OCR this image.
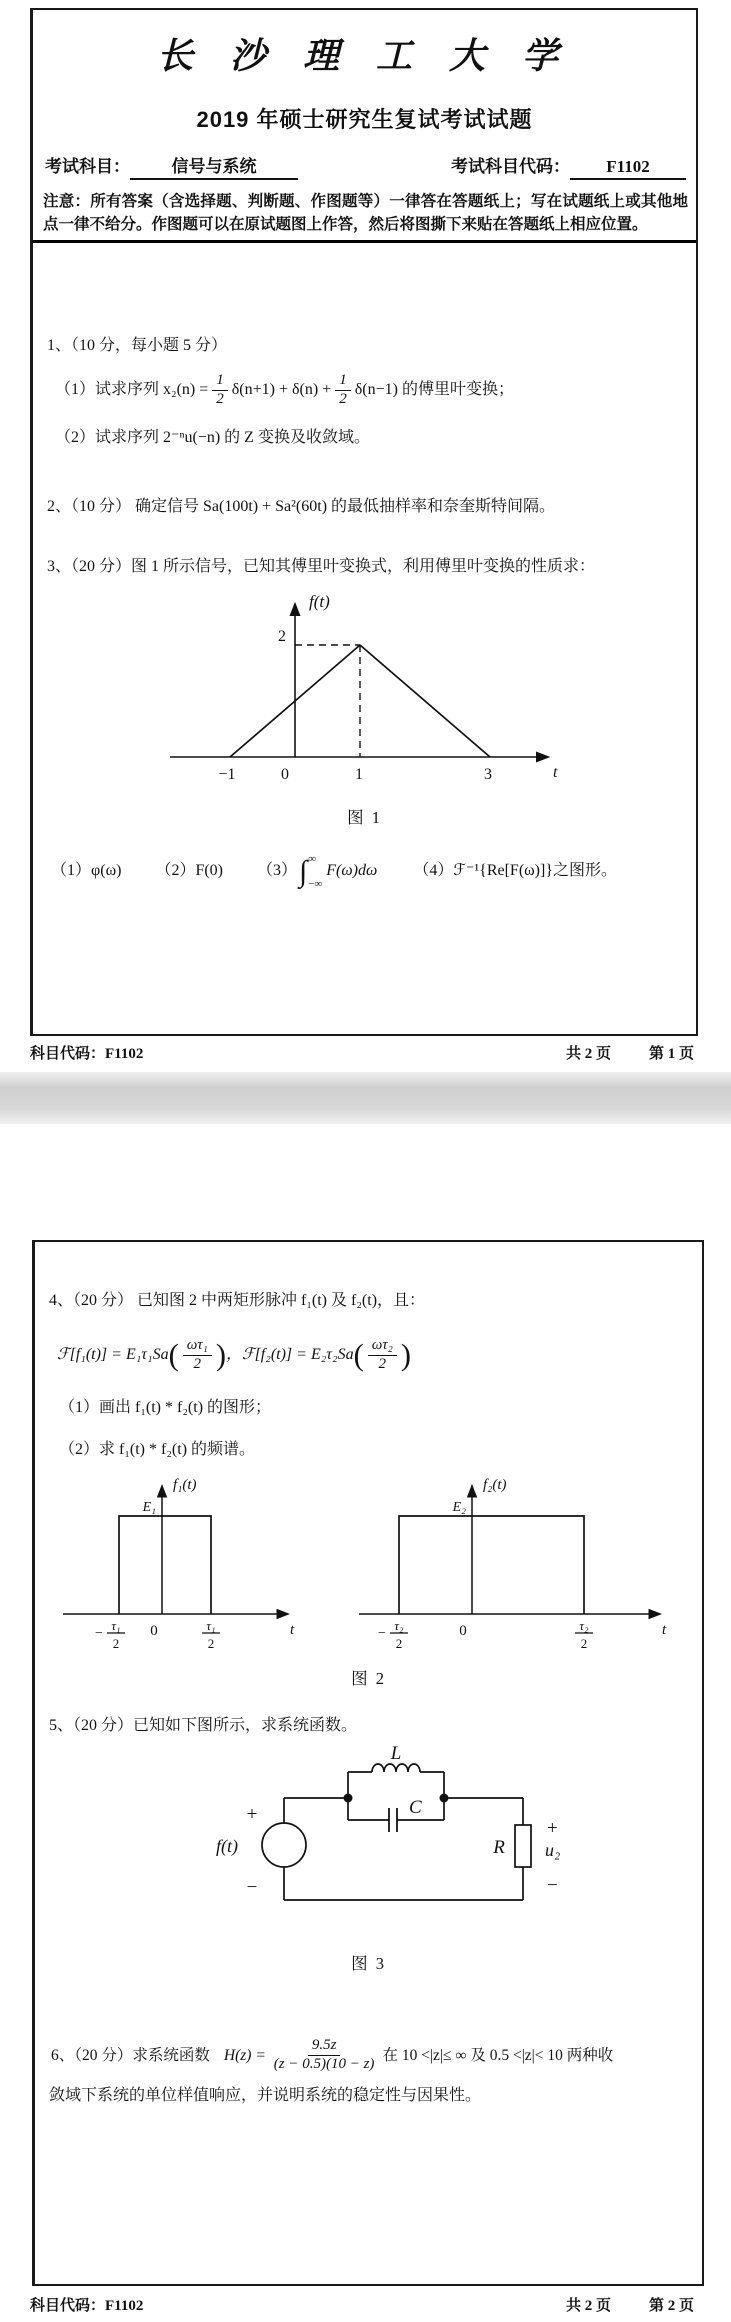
长 沙 理 工 大 学
2019 年硕士研究生复试考试试题
考试科目： 信号与系统	考试科目代码： F1102
注意：所有答案（含选择题、判断题、作图题等）一律答在答题纸上；写在试题纸上或其他地点一律不给分。作图题可以在原试题图上作答，然后将图撕下来贴在答题纸上相应位置。
1、（10 分，每小题 5 分）
（1）试求序列 $x_2(n) = \frac{1}{2} \delta(n+1) + \delta(n) + \frac{1}{2} \delta(n-1)$ 的傅里叶变换；
（2）试求序列 2⁻ⁿu(−n) 的 Z 变换及收敛域。
2、（10 分） 确定信号 Sa(100t) + Sa²(60t) 的最低抽样率和奈奎斯特间隔。
3、（20 分）图 1 所示信号，已知其傅里叶变换式，利用傅里叶变换的性质求：
f(t)
2
−1	0	1	3	t
图 1
（1）φ(ω) （2）F(0) （3） ∫ ∞
−∞
F(ω)dω （4）ℱ⁻¹{Re[F(ω)]}之图形。
科目代码：F1102	共 2 页	第 1 页
4、（20 分） 已知图 2 中两矩形脉冲 f₁(t) 及 f₂(t)，且：
ℱ[f₁(t)] = E₁τ₁Sa ( $\frac{\text{ωτ₁}}{2}$ ) ，ℱ[f₂(t)] = E₂τ₂Sa ( $\frac{\text{ωτ₂}}{2}$ )
（1）画出 f₁(t) * f₂(t) 的图形；
（2）求 f₁(t) * f₂(t) 的频谱。
f₁(t)
E₁
−
τ₁
2
0	τ₁
2
t
f₂(t)
E₂
−
τ₂
2
0	τ₂
2
t
图 2
5、（20 分）已知如下图所示，求系统函数。
L
C
+
−
f(t)	R
+
u₂
−
图 3
6、（20 分）求系统函数 $H(z) = \frac{9.5z}{(z - 0.5)(10 - z)}$ 在 10 <|z|≤ ∞ 及 0.5 <|z|< 10 两种收
敛域下系统的单位样值响应，并说明系统的稳定性与因果性。
科目代码：F1102	共 2 页	第 2 页
